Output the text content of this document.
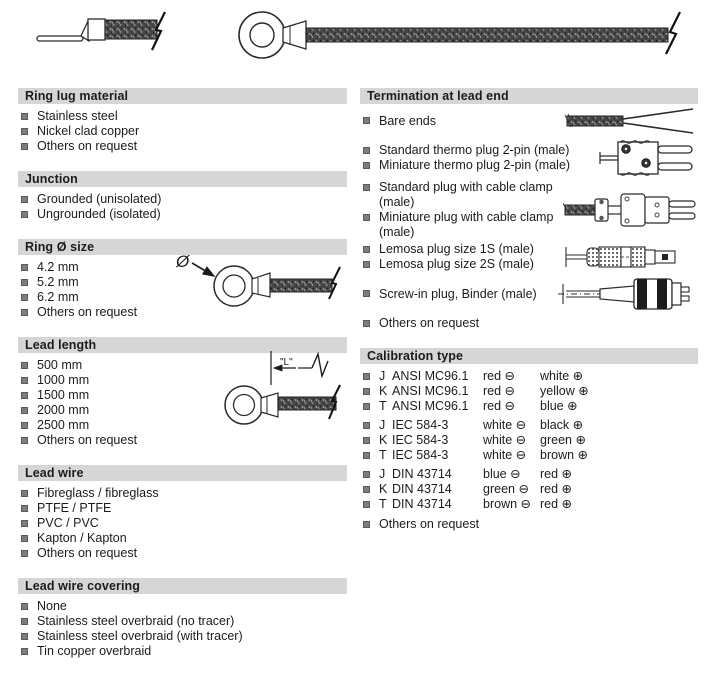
Ring lug material
Stainless steel
Nickel clad copper
Others on request
Junction
Grounded (unisolated)
Ungrounded (isolated)
Ring Ø size
4.2 mm
5.2 mm
6.2 mm
Others on request
Ø
Lead length
500 mm
1000 mm
1500 mm
2000 mm
2500 mm
Others on request
"L"
Lead wire
Fibreglass / fibreglass
PTFE / PTFE
PVC / PVC
Kapton / Kapton
Others on request
Lead wire covering
None
Stainless steel overbraid (no tracer)
Stainless steel overbraid (with tracer)
Tin copper overbraid
Termination at lead end
Bare ends
Standard thermo plug 2-pin (male)
Miniature thermo plug 2-pin (male)
Standard plug with cable clamp (male)
Miniature plug with cable clamp (male)
Lemosa plug size 1S (male)
Lemosa plug size 2S (male)
Screw-in plug, Binder (male)
Others on request
Calibration type
J ANSI MC96.1	red ⊖	white ⊕
K ANSI MC96.1	red ⊖	yellow ⊕
T ANSI MC96.1	red ⊖	blue ⊕
J IEC 584-3	white ⊖	black ⊕
K IEC 584-3	white ⊖	green ⊕
T IEC 584-3	white ⊖	brown ⊕
J DIN 43714	blue ⊖	red ⊕
K DIN 43714	green ⊖ red ⊕
T DIN 43714	brown ⊖ red ⊕
Others on request
